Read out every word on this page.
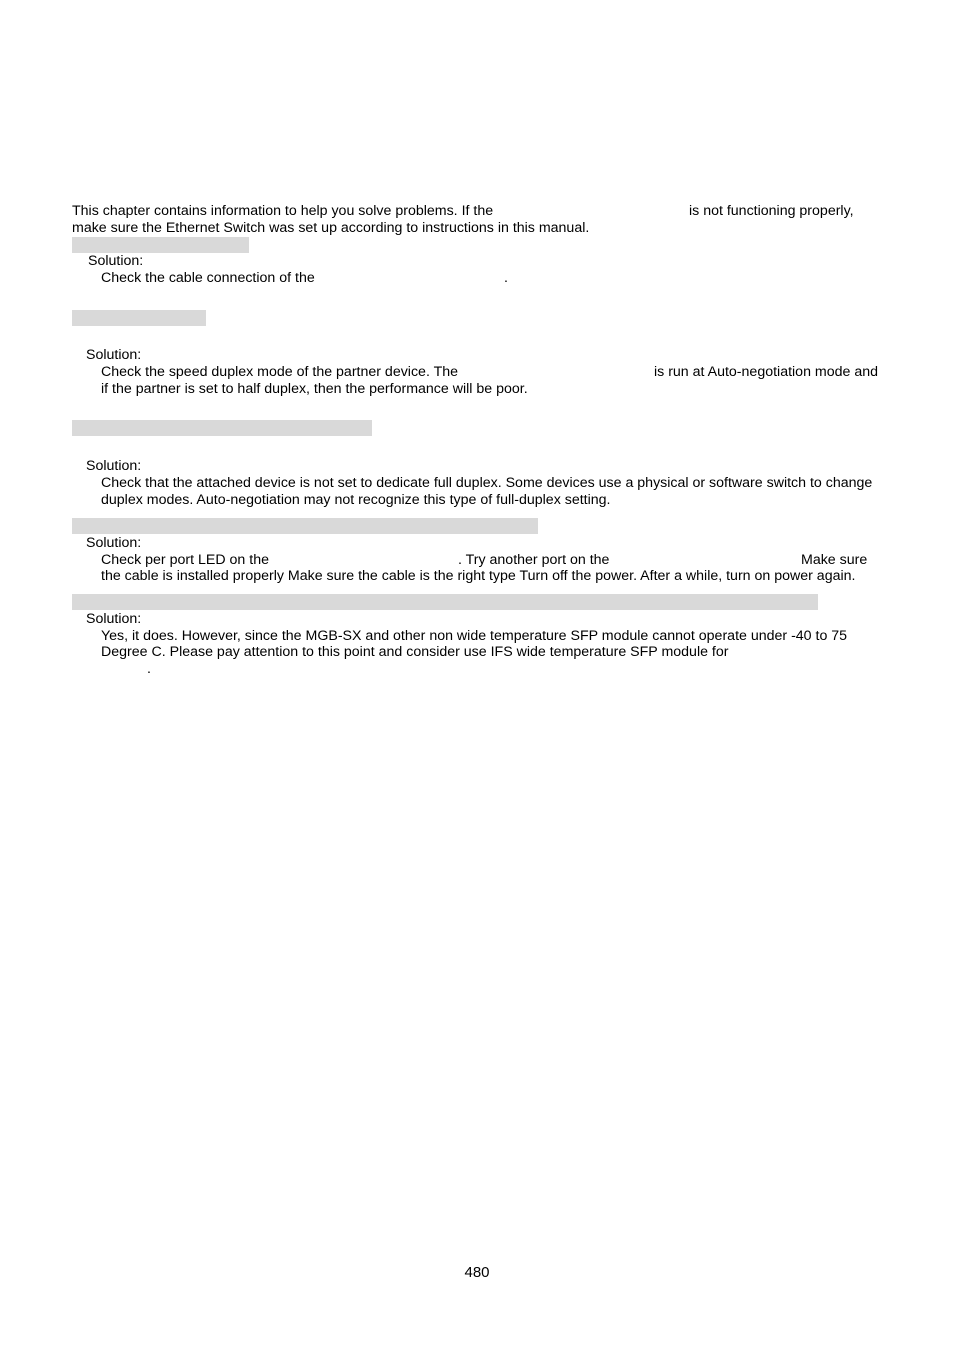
This chapter contains information to help you solve problems. If the	is not functioning properly,
make sure the Ethernet Switch was set up according to instructions in this manual.
Solution:
Check the cable connection of the	.
Solution:
Check the speed duplex mode of the partner device. The	is run at Auto-negotiation mode and
if the partner is set to half duplex, then the performance will be poor.
Solution:
Check that the attached device is not set to dedicate full duplex. Some devices use a physical or software switch to change
duplex modes. Auto-negotiation may not recognize this type of full-duplex setting.
Solution:
Check per port LED on the	. Try another port on the	Make sure
the cable is installed properly Make sure the cable is the right type Turn off the power. After a while, turn on power again.
Solution:
Yes, it does. However, since the MGB-SX and other non wide temperature SFP module cannot operate under -40 to 75
Degree C. Please pay attention to this point and consider use IFS wide temperature SFP module for
.
480
